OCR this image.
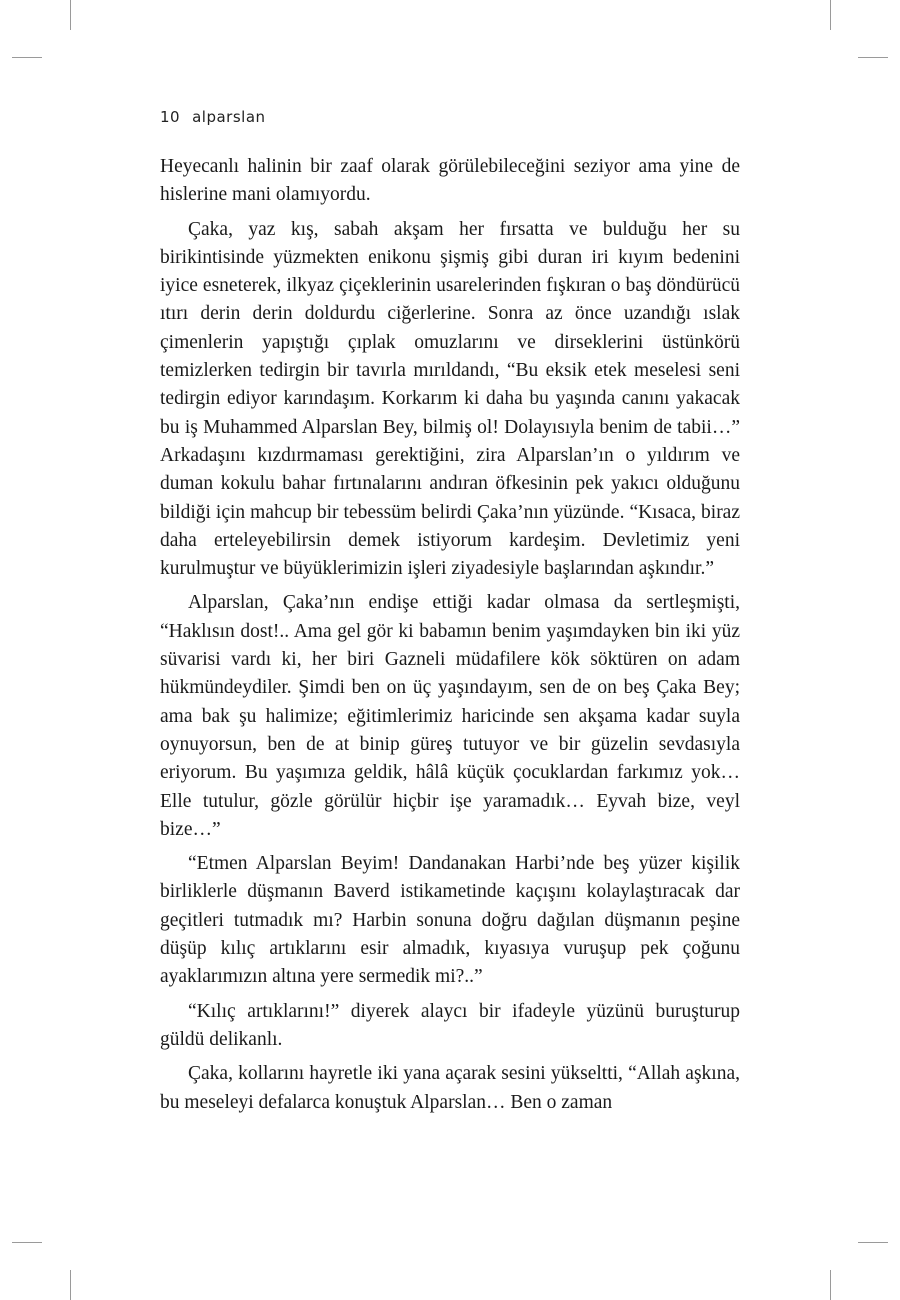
10 alparslan

Heyecanlı halinin bir zaaf olarak görülebileceğini seziyor ama yine de hislerine mani olamıyordu.

Çaka, yaz kış, sabah akşam her fırsatta ve bulduğu her su birikintisinde yüzmekten enikonu şişmiş gibi duran iri kıyım bedenini iyice esneterek, ilkyaz çiçeklerinin usarelerinden fışkıran o baş döndürücü ıtırı derin derin doldurdu ciğerlerine. Sonra az önce uzandığı ıslak çimenlerin yapıştığı çıplak omuzlarını ve dirseklerini üstünkörü temizlerken tedirgin bir tavırla mırıldandı, “Bu eksik etek meselesi seni tedirgin ediyor karındaşım. Korkarım ki daha bu yaşında canını yakacak bu iş Muhammed Alparslan Bey, bilmiş ol! Dolayısıyla benim de tabii…” Arkadaşını kızdırmaması gerektiğini, zira Alparslan’ın o yıldırım ve duman kokulu bahar fırtınalarını andıran öfkesinin pek yakıcı olduğunu bildiği için mahcup bir tebessüm belirdi Çaka’nın yüzünde. “Kısaca, biraz daha erteleyebilirsin demek istiyorum kardeşim. Devletimiz yeni kurulmuştur ve büyüklerimizin işleri ziyadesiyle başlarından aşkındır.”

Alparslan, Çaka’nın endişe ettiği kadar olmasa da sertleşmişti, “Haklısın dost!.. Ama gel gör ki babamın benim yaşımdayken bin iki yüz süvarisi vardı ki, her biri Gazneli müdafilere kök söktüren on adam hükmündeydiler. Şimdi ben on üç yaşındayım, sen de on beş Çaka Bey; ama bak şu halimize; eğitimlerimiz haricinde sen akşama kadar suyla oynuyorsun, ben de at binip güreş tutuyor ve bir güzelin sevdasıyla eriyorum. Bu yaşımıza geldik, hâlâ küçük çocuklardan farkımız yok… Elle tutulur, gözle görülür hiçbir işe yaramadık… Eyvah bize, veyl bize…”

“Etmen Alparslan Beyim! Dandanakan Harbi’nde beş yüzer kişilik birliklerle düşmanın Baverd istikametinde kaçışını kolaylaştıracak dar geçitleri tutmadık mı? Harbin sonuna doğru dağılan düşmanın peşine düşüp kılıç artıklarını esir almadık, kıyasıya vuruşup pek çoğunu ayaklarımızın altına yere sermedik mi?..”

“Kılıç artıklarını!” diyerek alaycı bir ifadeyle yüzünü buruşturup güldü delikanlı.

Çaka, kollarını hayretle iki yana açarak sesini yükseltti, “Allah aşkına, bu meseleyi defalarca konuştuk Alparslan… Ben o zaman
